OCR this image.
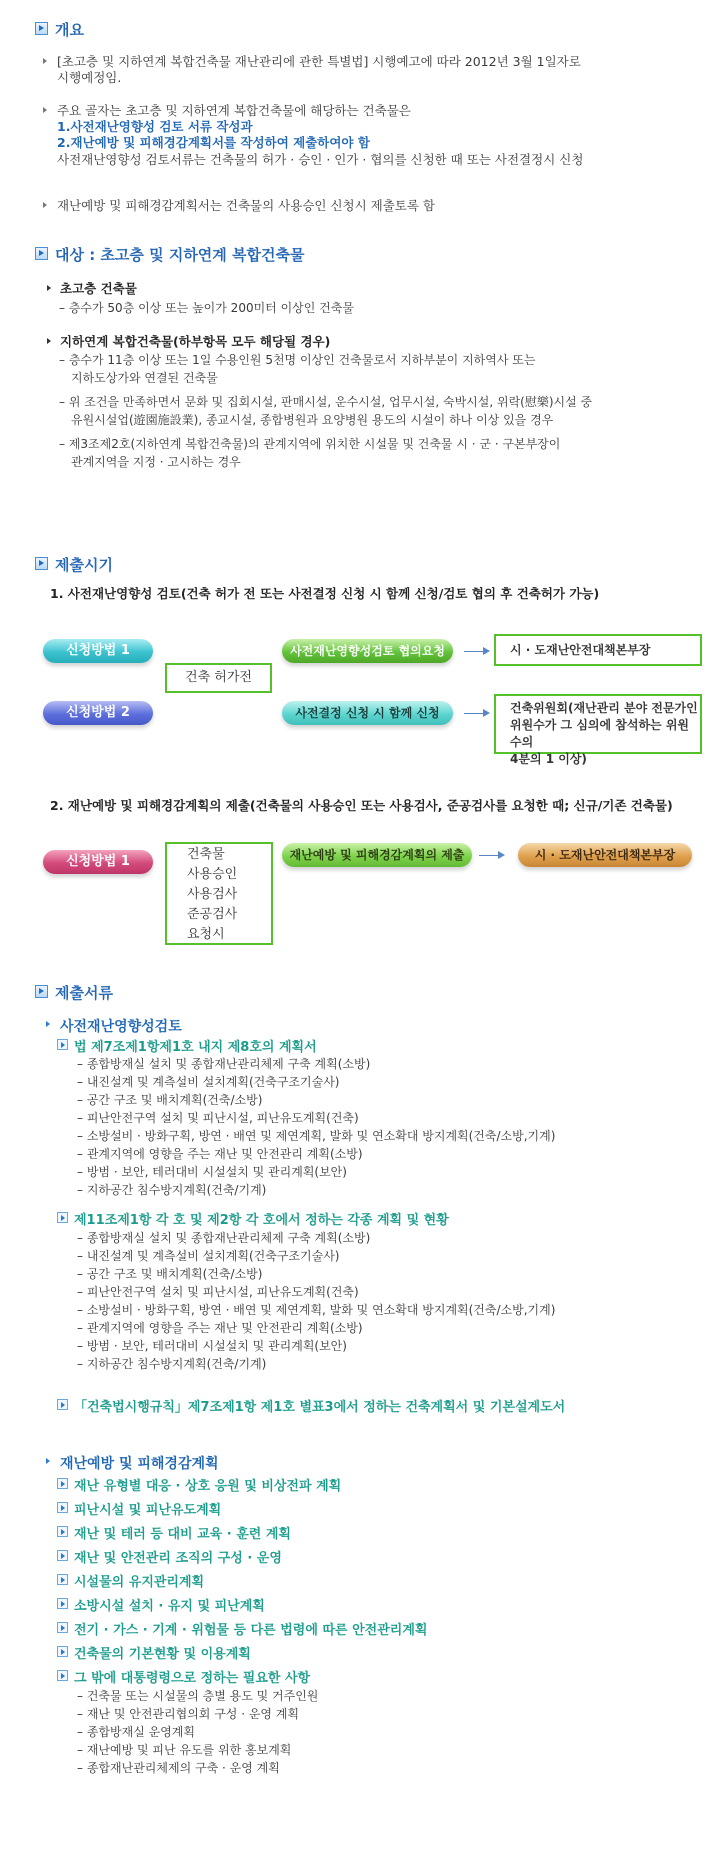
개요
[초고층 및 지하연계 복합건축물 재난관리에 관한 특별법] 시행예고에 따라 2012년 3월 1일자로
시행예정임.
주요 골자는 초고층 및 지하연계 복합건축물에 해당하는 건축물은
1.사전재난영향성 검토 서류 작성과
2.재난예방 및 피해경감계획서를 작성하여 제출하여야 함
사전재난영향성 검토서류는 건축물의 허가 · 승인 · 인가 · 협의를 신청한 때 또는 사전결정시 신청
재난예방 및 피해경감계획서는 건축물의 사용승인 신청시 제출토록 함
대상 : 초고층 및 지하연계 복합건축물
초고층 건축물
– 층수가 50층 이상 또는 높이가 200미터 이상인 건축물
지하연계 복합건축물(하부항목 모두 해당될 경우)
– 층수가 11층 이상 또는 1일 수용인원 5천명 이상인 건축물로서 지하부분이 지하역사 또는
지하도상가와 연결된 건축물
– 위 조건을 만족하면서 문화 및 집회시설, 판매시설, 운수시설, 업무시설, 숙박시설, 위락(慰樂)시설 중
유원시설업(遊園施設業), 종교시설, 종합병원과 요양병원 용도의 시설이 하나 이상 있을 경우
– 제3조제2호(지하연계 복합건축물)의 관계지역에 위치한 시설물 및 건축물 시 · 군 · 구본부장이
관계지역을 지정 · 고시하는 경우
제출시기
1. 사전재난영향성 검토(건축 허가 전 또는 사전결정 신청 시 함께 신청/검토 협의 후 건축허가 가능)
신청방법 1
신청방법 2
건축 허가전
사전재난영향성검토 협의요청
사전결정 신청 시 함께 신청
시 · 도재난안전대책본부장
건축위원회(재난관리 분야 전문가인
위원수가 그 심의에 참석하는 위원수의
4분의 1 이상)
2. 재난예방 및 피해경감계획의 제출(건축물의 사용승인 또는 사용검사, 준공검사를 요청한 때; 신규/기존 건축물)
신청방법 1	건축물
사용승인
사용검사
준공검사
요청시
재난예방 및 피해경감계획의 제출	시 · 도재난안전대책본부장
제출서류
사전재난영향성검토
법 제7조제1항제1호 내지 제8호의 계획서
– 종합방재실 설치 및 종합재난관리체제 구축 계획(소방)
– 내진설계 및 계측설비 설치계획(건축구조기술사)
– 공간 구조 및 배치계획(건축/소방)
– 피난안전구역 설치 및 피난시설, 피난유도계획(건축)
– 소방설비 · 방화구획, 방연 · 배연 및 제연계획, 발화 및 연소확대 방지계획(건축/소방,기계)
– 관계지역에 영향을 주는 재난 및 안전관리 계획(소방)
– 방범 · 보안, 테러대비 시설설치 및 관리계획(보안)
– 지하공간 침수방지계획(건축/기계)
제11조제1항 각 호 및 제2항 각 호에서 정하는 각종 계획 및 현황
– 종합방재실 설치 및 종합재난관리체제 구축 계획(소방)
– 내진설계 및 계측설비 설치계획(건축구조기술사)
– 공간 구조 및 배치계획(건축/소방)
– 피난안전구역 설치 및 피난시설, 피난유도계획(건축)
– 소방설비 · 방화구획, 방연 · 배연 및 제연계획, 발화 및 연소확대 방지계획(건축/소방,기계)
– 관계지역에 영향을 주는 재난 및 안전관리 계획(소방)
– 방범 · 보안, 테러대비 시설설치 및 관리계획(보안)
– 지하공간 침수방지계획(건축/기계)
「건축법시행규칙」제7조제1항 제1호 별표3에서 정하는 건축계획서 및 기본설계도서
재난예방 및 피해경감계획
재난 유형별 대응 · 상호 응원 및 비상전파 계획
피난시설 및 피난유도계획
재난 및 테러 등 대비 교육 · 훈련 계획
재난 및 안전관리 조직의 구성 · 운영
시설물의 유지관리계획
소방시설 설치 · 유지 및 피난계획
전기 · 가스 · 기계 · 위험물 등 다른 법령에 따른 안전관리계획
건축물의 기본현황 및 이용계획
그 밖에 대통령령으로 정하는 필요한 사항
– 건축물 또는 시설물의 층별 용도 및 거주인원
– 재난 및 안전관리협의회 구성 · 운영 계획
– 종합방재실 운영계획
– 재난예방 및 피난 유도를 위한 홍보계획
– 종합재난관리체제의 구축 · 운영 계획
